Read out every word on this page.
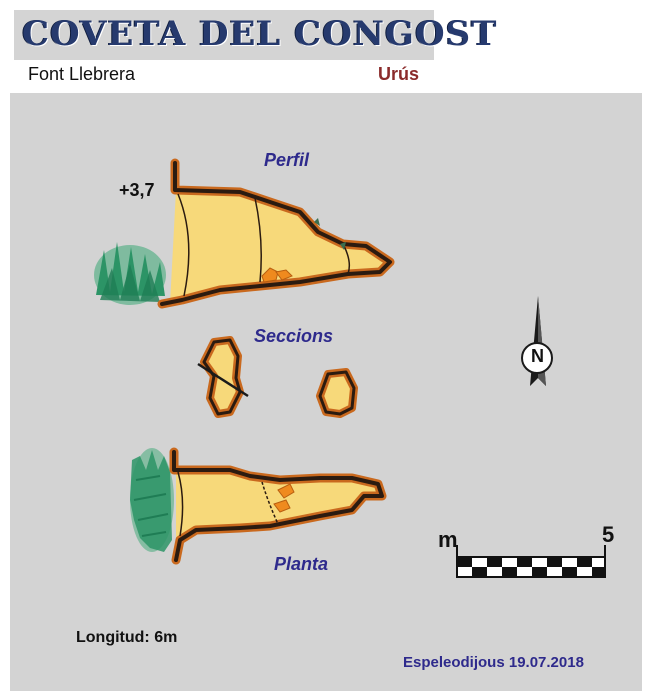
COVETA DEL CONGOST
Font Llebrera	Urús
Perfil
Seccions
Planta
+3,7
N
m	5
Longitud: 6m
Espeleodijous 19.07.2018
